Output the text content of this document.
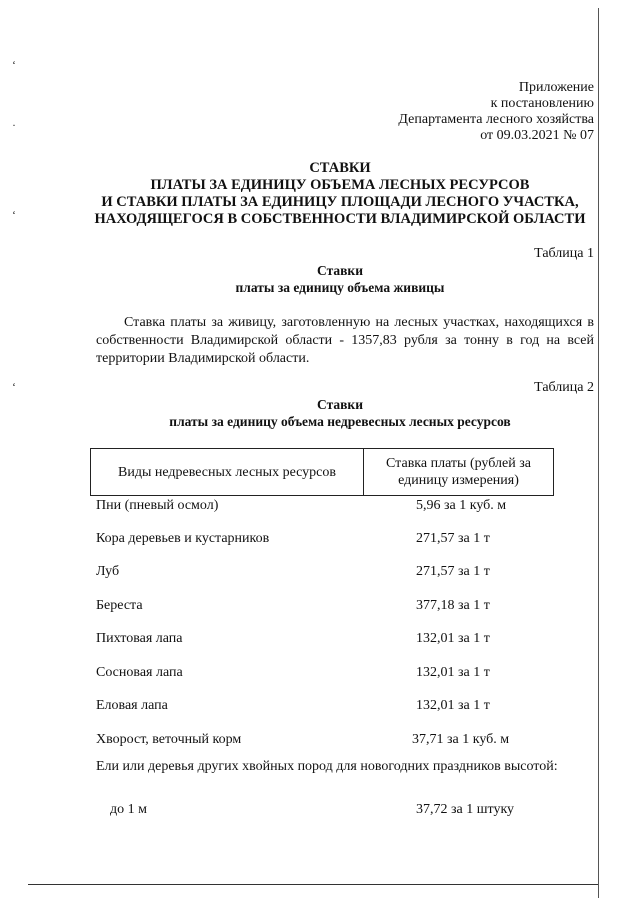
‘
·
‘
‘
Приложение
к постановлению
Департамента лесного хозяйства
от 09.03.2021 № 07
СТАВКИ
ПЛАТЫ ЗА ЕДИНИЦУ ОБЪЕМА ЛЕСНЫХ РЕСУРСОВ
И СТАВКИ ПЛАТЫ ЗА ЕДИНИЦУ ПЛОЩАДИ ЛЕСНОГО УЧАСТКА,
НАХОДЯЩЕГОСЯ В СОБСТВЕННОСТИ ВЛАДИМИРСКОЙ ОБЛАСТИ
Таблица 1
Ставки
платы за единицу объема живицы
Ставка платы за живицу, заготовленную на лесных участках, находящихся в собственности Владимирской области - 1357,83 рубля за тонну в год на всей территории Владимирской области.
Таблица 2
Ставки
платы за единицу объема недревесных лесных ресурсов
Виды недревесных лесных ресурсов	Ставка платы (рублей за единицу измерения)
Пни (пневый осмол)	5,96 за 1 куб. м
Кора деревьев и кустарников	271,57 за 1 т
Луб	271,57 за 1 т
Береста	377,18 за 1 т
Пихтовая лапа	132,01 за 1 т
Сосновая лапа	132,01 за 1 т
Еловая лапа	132,01 за 1 т
Хворост, веточный корм	37,71 за 1 куб. м
Ели или деревья других хвойных пород для новогодних праздников высотой:
до 1 м	37,72 за 1 штуку
